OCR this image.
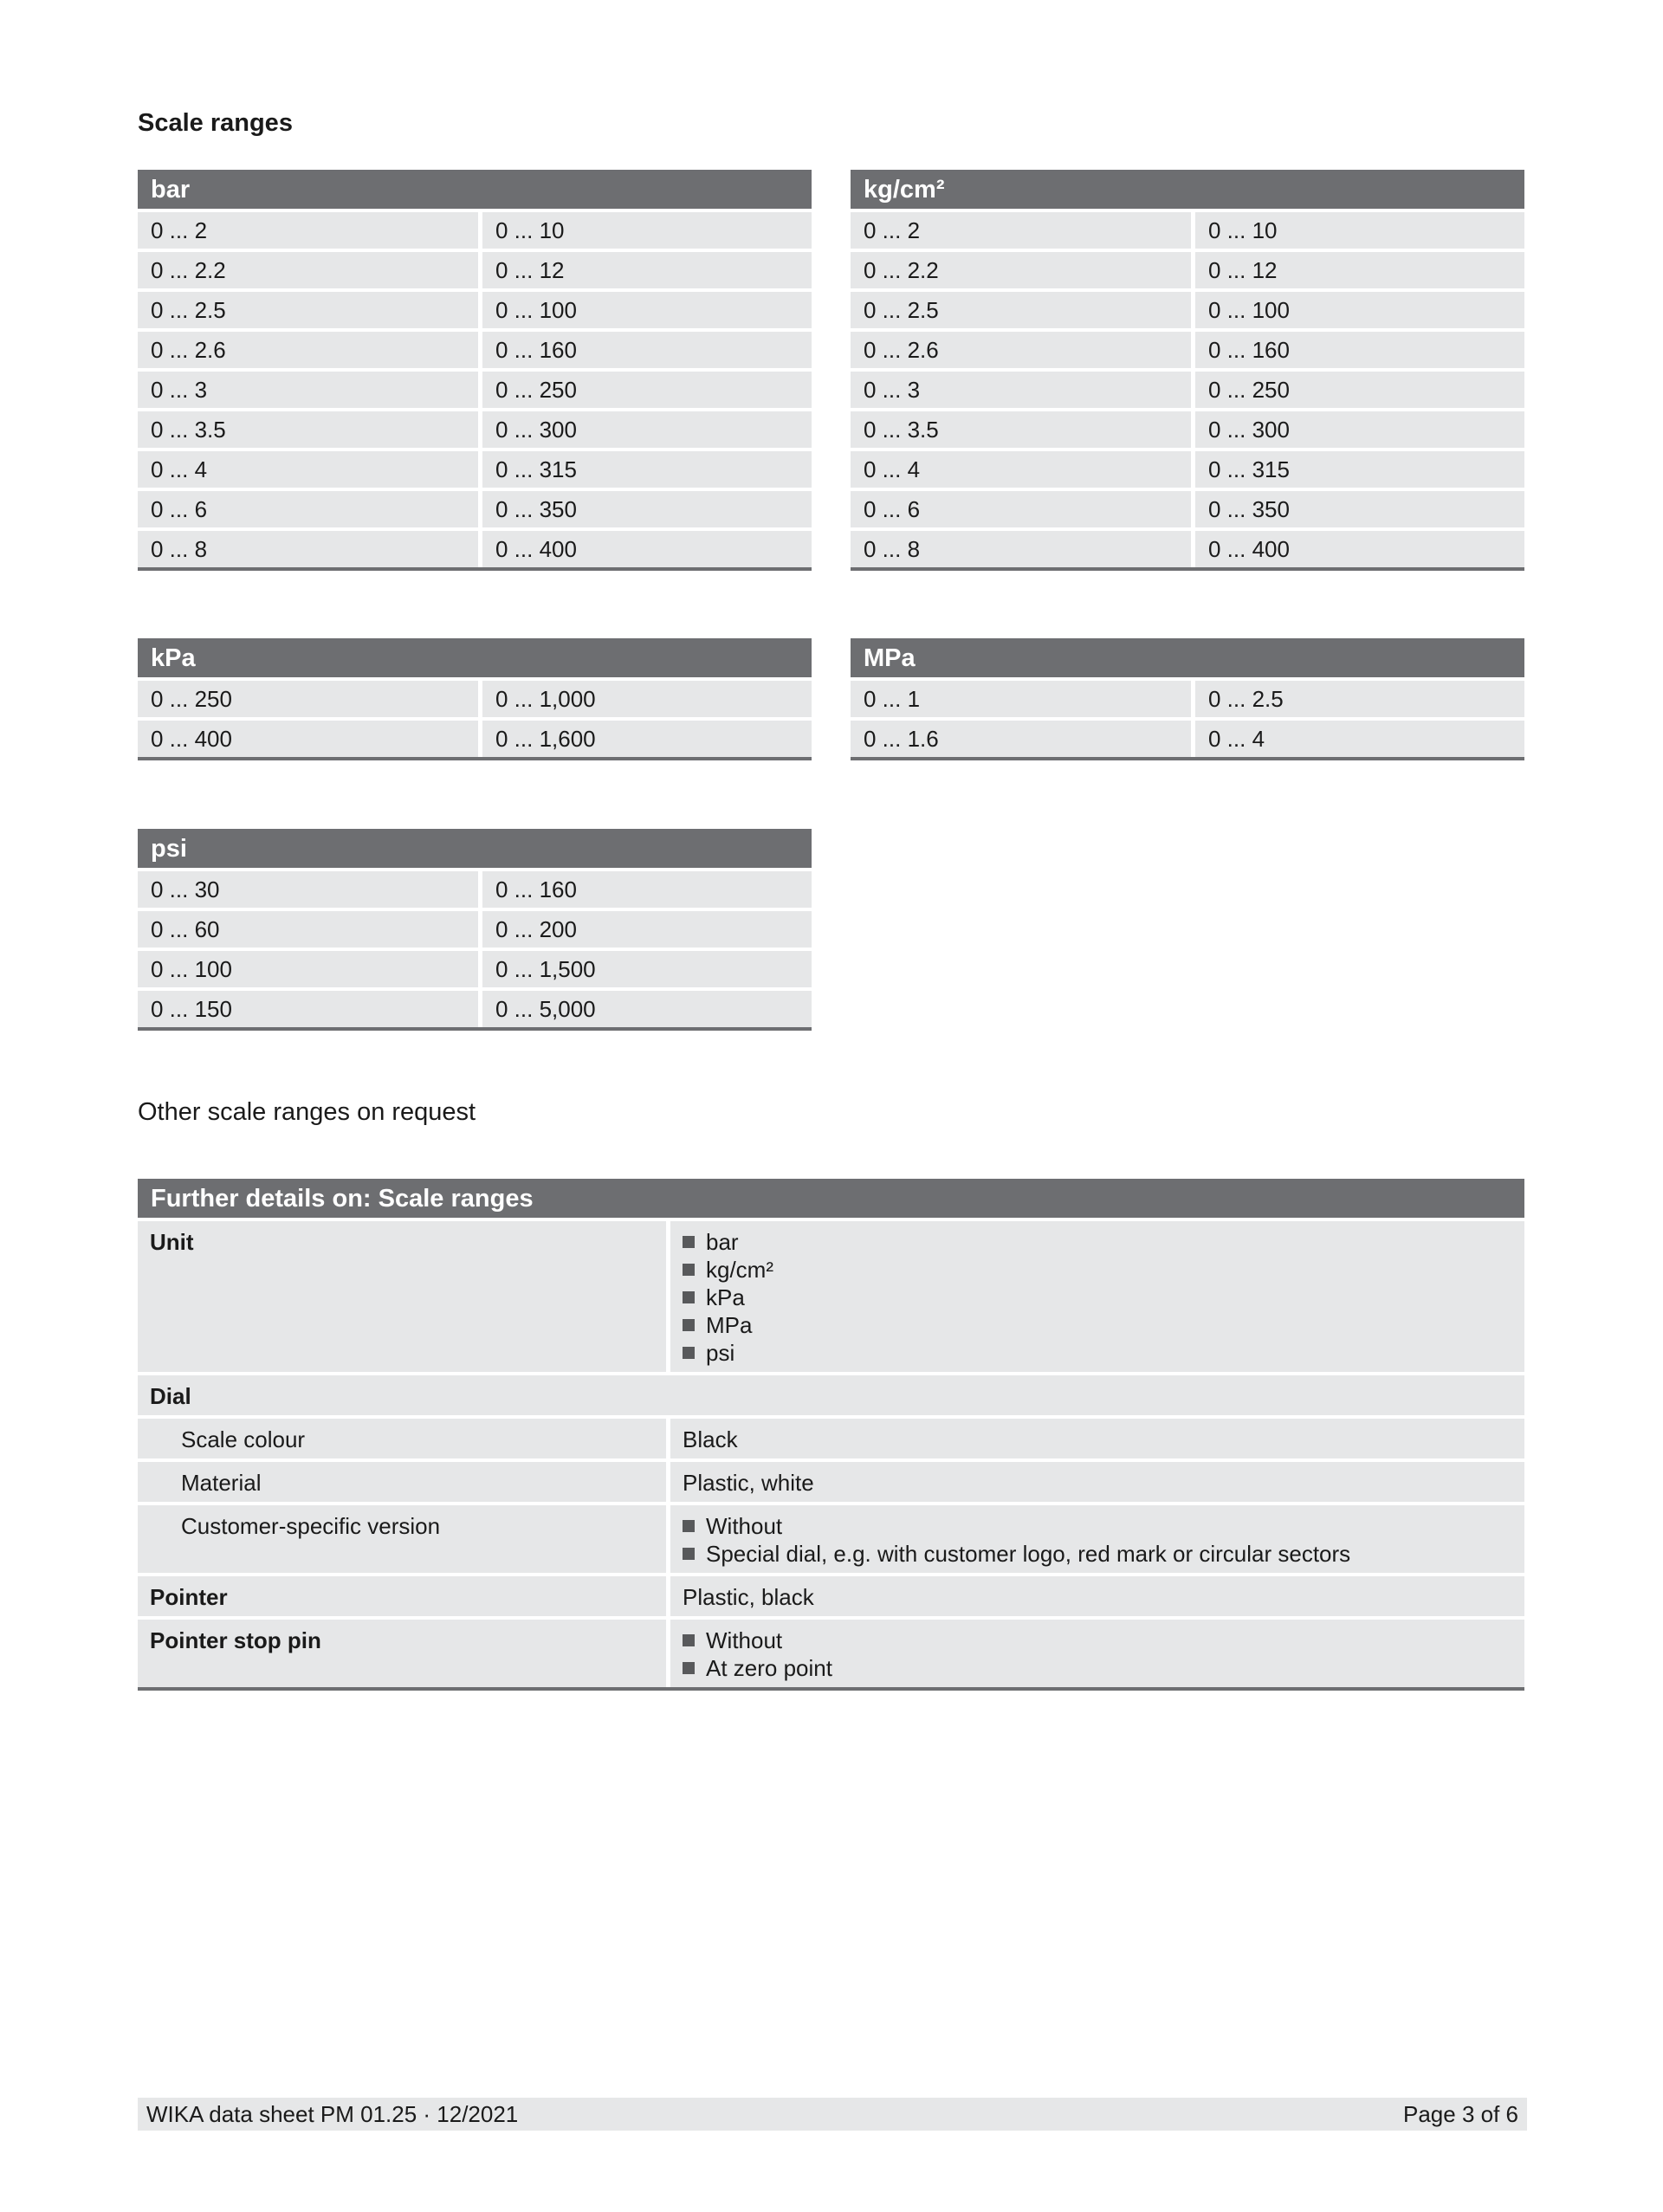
Scale ranges
bar
0 ... 2	0 ... 10
0 ... 2.2	0 ... 12
0 ... 2.5	0 ... 100
0 ... 2.6	0 ... 160
0 ... 3	0 ... 250
0 ... 3.5	0 ... 300
0 ... 4	0 ... 315
0 ... 6	0 ... 350
0 ... 8	0 ... 400
kg/cm²
0 ... 2	0 ... 10
0 ... 2.2	0 ... 12
0 ... 2.5	0 ... 100
0 ... 2.6	0 ... 160
0 ... 3	0 ... 250
0 ... 3.5	0 ... 300
0 ... 4	0 ... 315
0 ... 6	0 ... 350
0 ... 8	0 ... 400
kPa
0 ... 250	0 ... 1,000
0 ... 400	0 ... 1,600
MPa
0 ... 1	0 ... 2.5
0 ... 1.6	0 ... 4
psi
0 ... 30	0 ... 160
0 ... 60	0 ... 200
0 ... 100	0 ... 1,500
0 ... 150	0 ... 5,000

Other scale ranges on request

Further details on: Scale ranges
Unit	bar
kg/cm²
kPa
MPa
psi
Dial
Scale colour	Black
Material	Plastic, white
Customer-specific version	Without
Special dial, e.g. with customer logo, red mark or circular sectors
Pointer	Plastic, black
Pointer stop pin	Without
At zero point
WIKA data sheet PM 01.25 · 12/2021	Page 3 of 6
